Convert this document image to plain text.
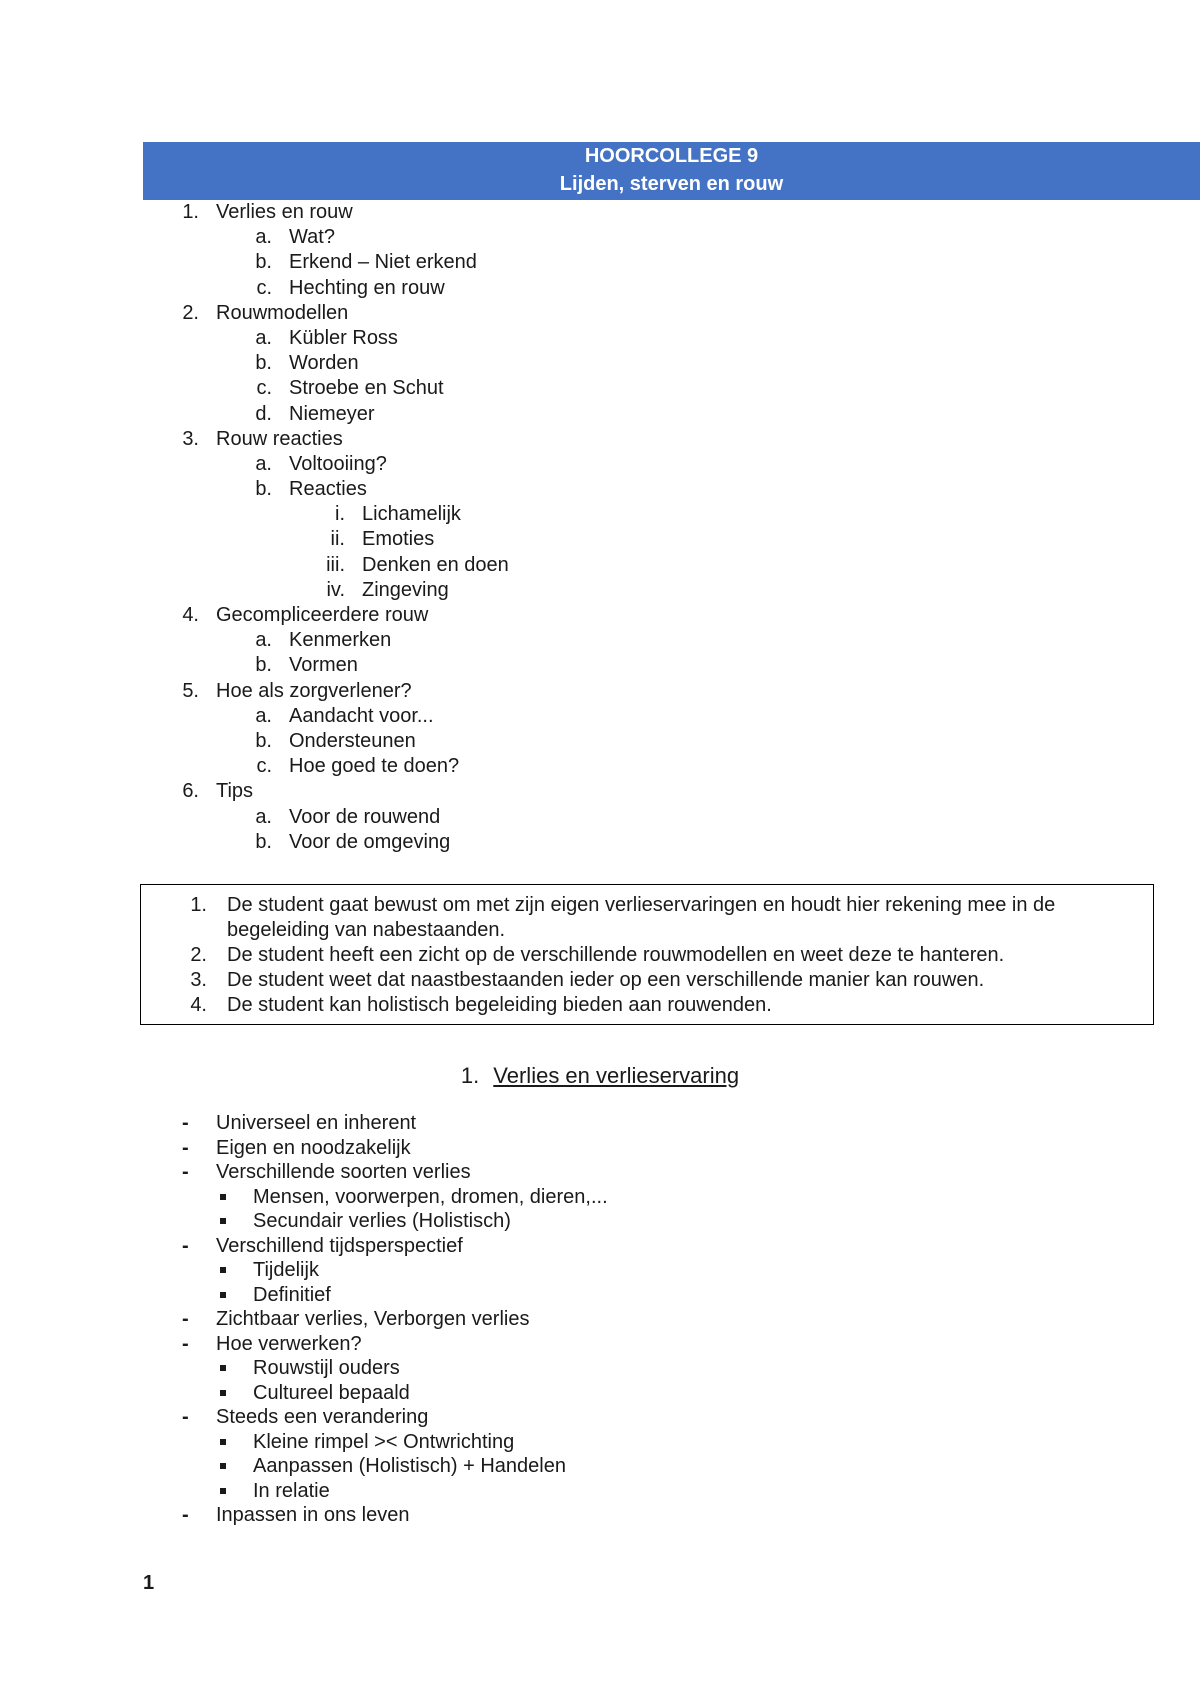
HOORCOLLEGE 9
Lijden, sterven en rouw
1. Verlies en rouw
a. Wat?
b. Erkend – Niet erkend
c. Hechting en rouw
2. Rouwmodellen
a. Kübler Ross
b. Worden
c. Stroebe en Schut
d. Niemeyer
3. Rouw reacties
a. Voltooiing?
b. Reacties
i. Lichamelijk
ii. Emoties
iii. Denken en doen
iv. Zingeving
4. Gecompliceerdere rouw
a. Kenmerken
b. Vormen
5. Hoe als zorgverlener?
a. Aandacht voor...
b. Ondersteunen
c. Hoe goed te doen?
6. Tips
a. Voor de rouwend
b. Voor de omgeving
1. De student gaat bewust om met zijn eigen verlieservaringen en houdt hier rekening mee in de begeleiding van nabestaanden.
2. De student heeft een zicht op de verschillende rouwmodellen en weet deze te hanteren.
3. De student weet dat naastbestaanden ieder op een verschillende manier kan rouwen.
4. De student kan holistisch begeleiding bieden aan rouwenden.
1. Verlies en verlieservaring
- Universeel en inherent
- Eigen en noodzakelijk
- Verschillende soorten verlies
Mensen, voorwerpen, dromen, dieren,...
Secundair verlies (Holistisch)
- Verschillend tijdsperspectief
Tijdelijk
Definitief
- Zichtbaar verlies, Verborgen verlies
- Hoe verwerken?
Rouwstijl ouders
Cultureel bepaald
- Steeds een verandering
Kleine rimpel >< Ontwrichting
Aanpassen (Holistisch) + Handelen
In relatie
- Inpassen in ons leven
1
